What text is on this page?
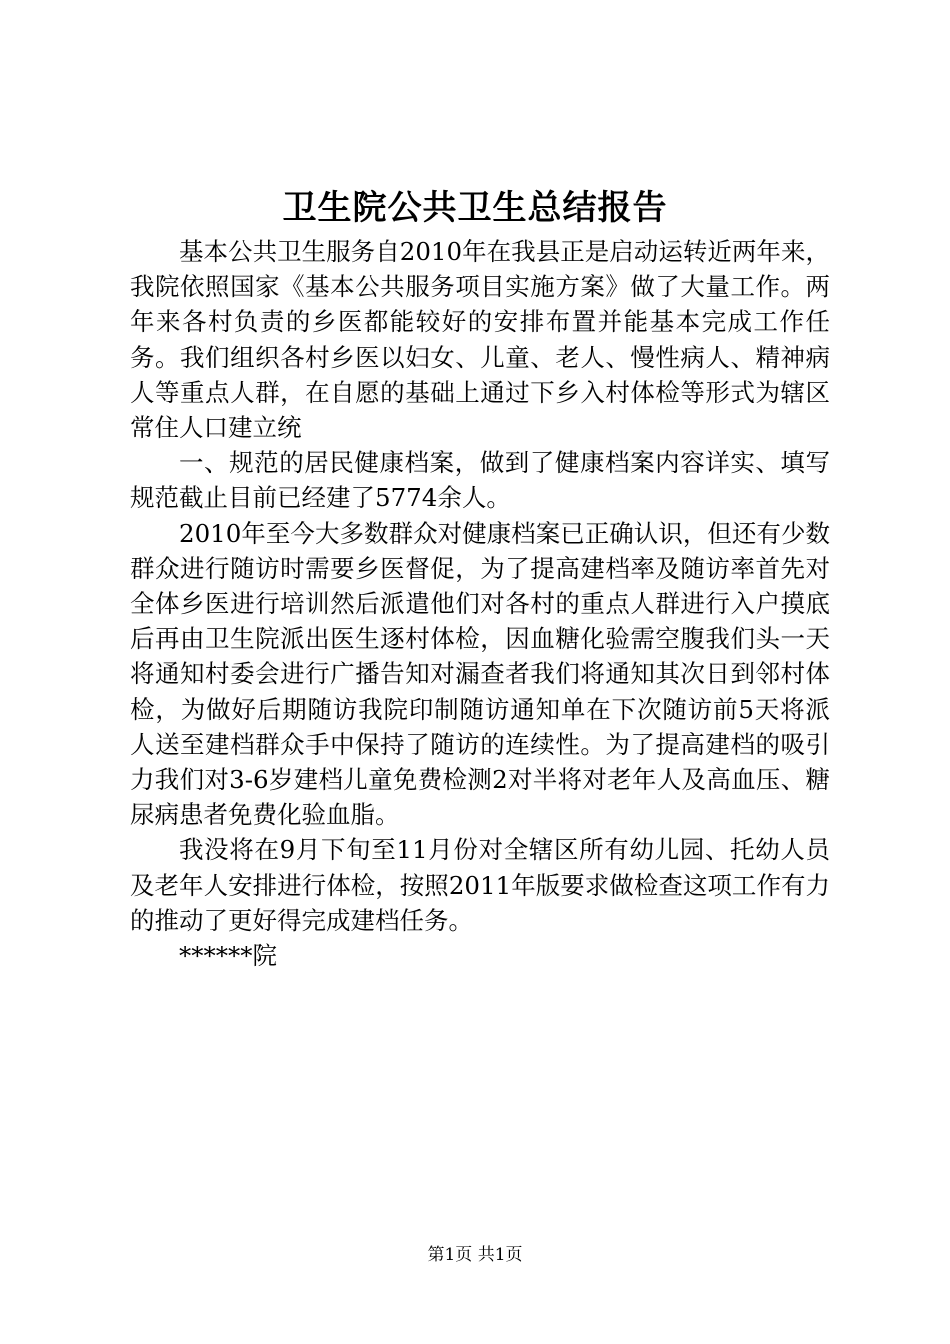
卫生院公共卫生总结报告

基本公共卫生服务自2010年在我县正是启动运转近两年来，我院依照国家《基本公共服务项目实施方案》做了大量工作。两年来各村负责的乡医都能较好的安排布置并能基本完成工作任务。我们组织各村乡医以妇女、儿童、老人、慢性病人、精神病人等重点人群，在自愿的基础上通过下乡入村体检等形式为辖区常住人口建立统

一、规范的居民健康档案，做到了健康档案内容详实、填写规范截止目前已经建了5774余人。

2010年至今大多数群众对健康档案已正确认识，但还有少数群众进行随访时需要乡医督促，为了提高建档率及随访率首先对全体乡医进行培训然后派遣他们对各村的重点人群进行入户摸底后再由卫生院派出医生逐村体检，因血糖化验需空腹我们头一天将通知村委会进行广播告知对漏查者我们将通知其次日到邻村体检，为做好后期随访我院印制随访通知单在下次随访前5天将派人送至建档群众手中保持了随访的连续性。为了提高建档的吸引力我们对3-6岁建档儿童免费检测2对半将对老年人及高血压、糖尿病患者免费化验血脂。

我没将在9月下旬至11月份对全辖区所有幼儿园、托幼人员及老年人安排进行体检，按照2011年版要求做检查这项工作有力的推动了更好得完成建档任务。

******院

第1页 共1页
